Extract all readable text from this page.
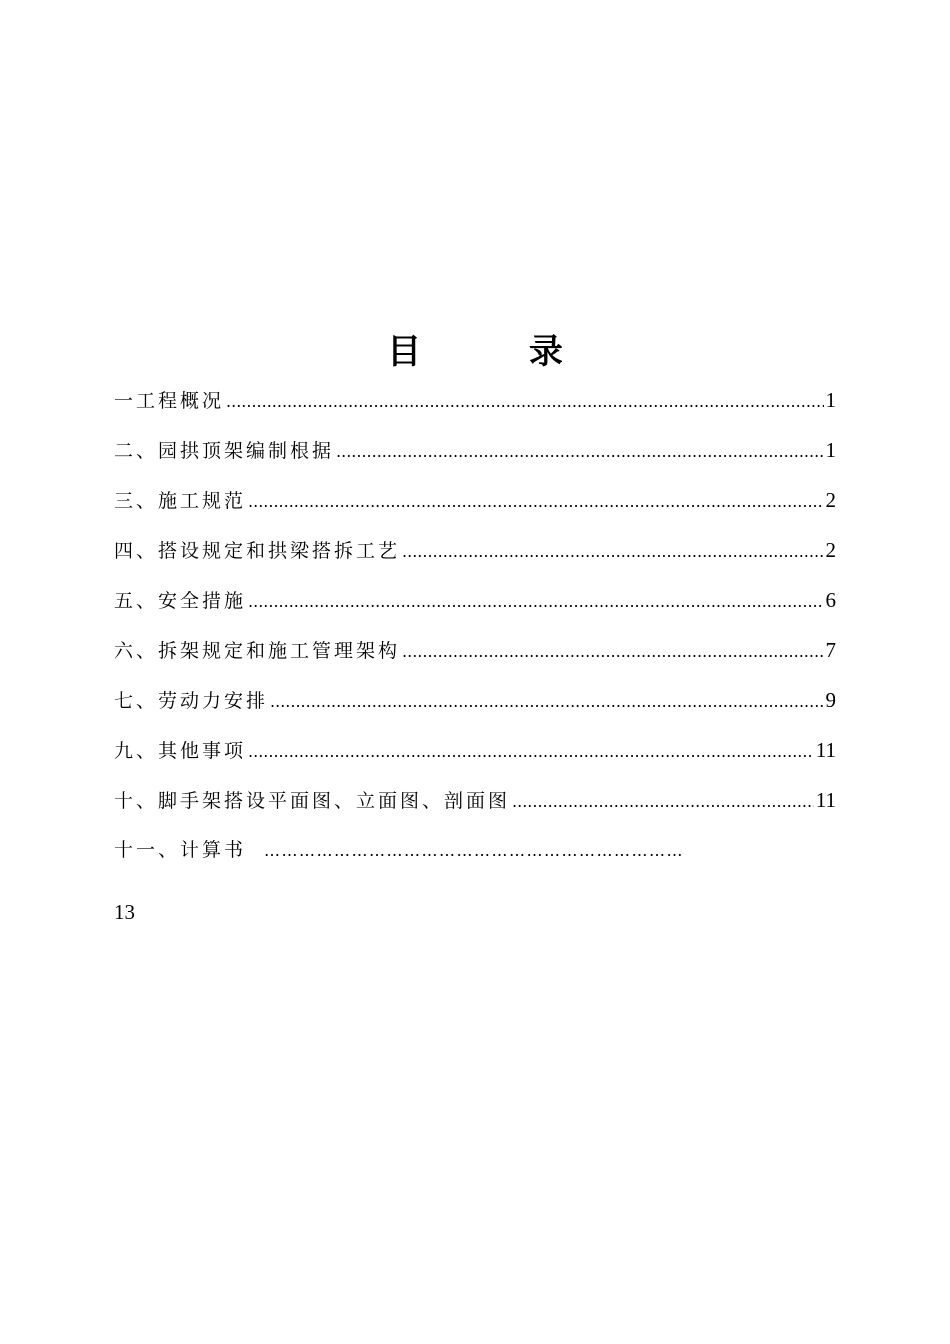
目 录
一工程概况 .....	1
二、园拱顶架编制根据 .....	1
三、施工规范 .....	2
四、搭设规定和拱梁搭拆工艺 .....	2
五、安全措施 .....	6
六、拆架规定和施工管理架构 .....	7
七、劳动力安排 .....	9
九、其他事项 .....	11
十、脚手架搭设平面图、立面图、剖面图 .....	11
十一、计算书 ………………………………………………………………
13
